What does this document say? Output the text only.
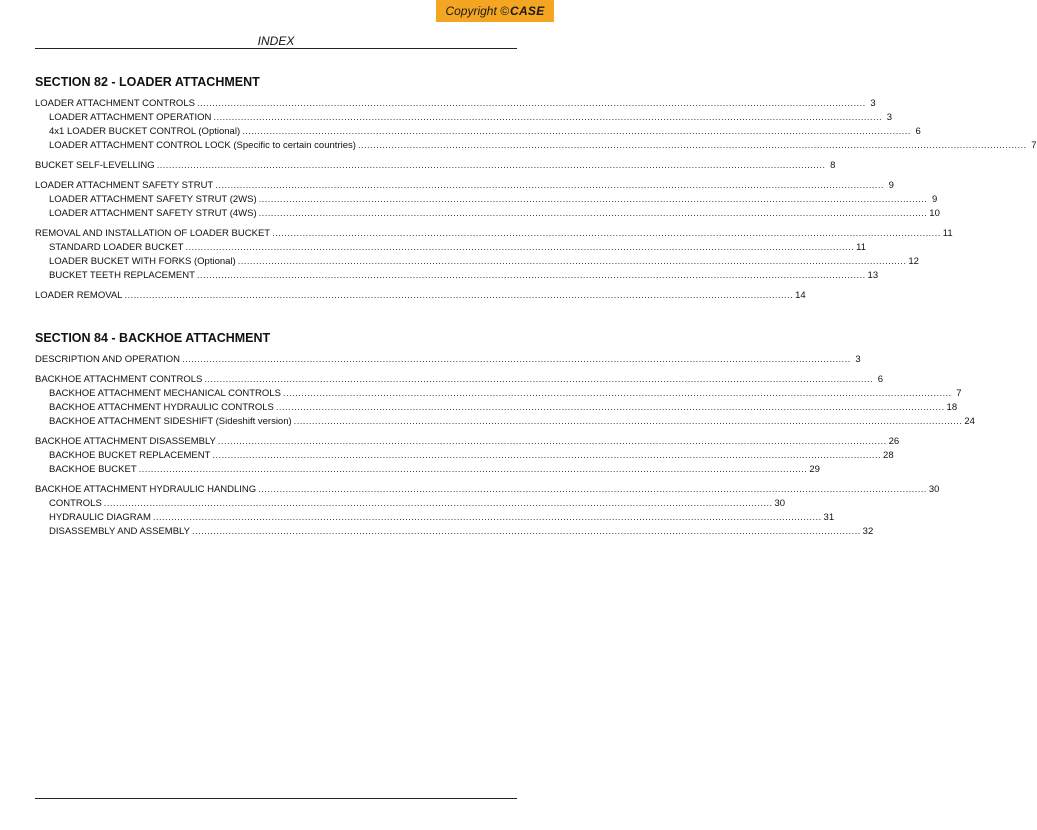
Copyright © CASE
INDEX
SECTION 82 - LOADER ATTACHMENT
LOADER ATTACHMENT CONTROLS ............................................................................................................................................................................................................................ 3
LOADER ATTACHMENT OPERATION ............................................................................................................................................................................................................................ 3
4x1 LOADER BUCKET CONTROL (Optional) ............................................................................................................................................................................................................................ 6
LOADER ATTACHMENT CONTROL LOCK (Specific to certain countries) ............................................................................................................................................................................................................................ 7
BUCKET SELF-LEVELLING ............................................................................................................................................................................................................................ 8
LOADER ATTACHMENT SAFETY STRUT ............................................................................................................................................................................................................................ 9
LOADER ATTACHMENT SAFETY STRUT (2WS) ............................................................................................................................................................................................................................ 9
LOADER ATTACHMENT SAFETY STRUT (4WS) ............................................................................................................................................................................................................................ 10
REMOVAL AND INSTALLATION OF LOADER BUCKET ............................................................................................................................................................................................................................ 11
STANDARD LOADER BUCKET ............................................................................................................................................................................................................................ 11
LOADER BUCKET WITH FORKS (Optional) ............................................................................................................................................................................................................................ 12
BUCKET TEETH REPLACEMENT ............................................................................................................................................................................................................................ 13
LOADER REMOVAL ............................................................................................................................................................................................................................ 14
SECTION 84 - BACKHOE ATTACHMENT
DESCRIPTION AND OPERATION ............................................................................................................................................................................................................................ 3
BACKHOE ATTACHMENT CONTROLS ............................................................................................................................................................................................................................ 6
BACKHOE ATTACHMENT MECHANICAL CONTROLS ............................................................................................................................................................................................................................ 7
BACKHOE ATTACHMENT HYDRAULIC CONTROLS ............................................................................................................................................................................................................................ 18
BACKHOE ATTACHMENT SIDESHIFT (Sideshift version) ............................................................................................................................................................................................................................ 24
BACKHOE ATTACHMENT DISASSEMBLY ............................................................................................................................................................................................................................ 26
BACKHOE BUCKET REPLACEMENT ............................................................................................................................................................................................................................ 28
BACKHOE BUCKET ............................................................................................................................................................................................................................ 29
BACKHOE ATTACHMENT HYDRAULIC HANDLING ............................................................................................................................................................................................................................ 30
CONTROLS ............................................................................................................................................................................................................................ 30
HYDRAULIC DIAGRAM ............................................................................................................................................................................................................................ 31
DISASSEMBLY AND ASSEMBLY ............................................................................................................................................................................................................................ 32
